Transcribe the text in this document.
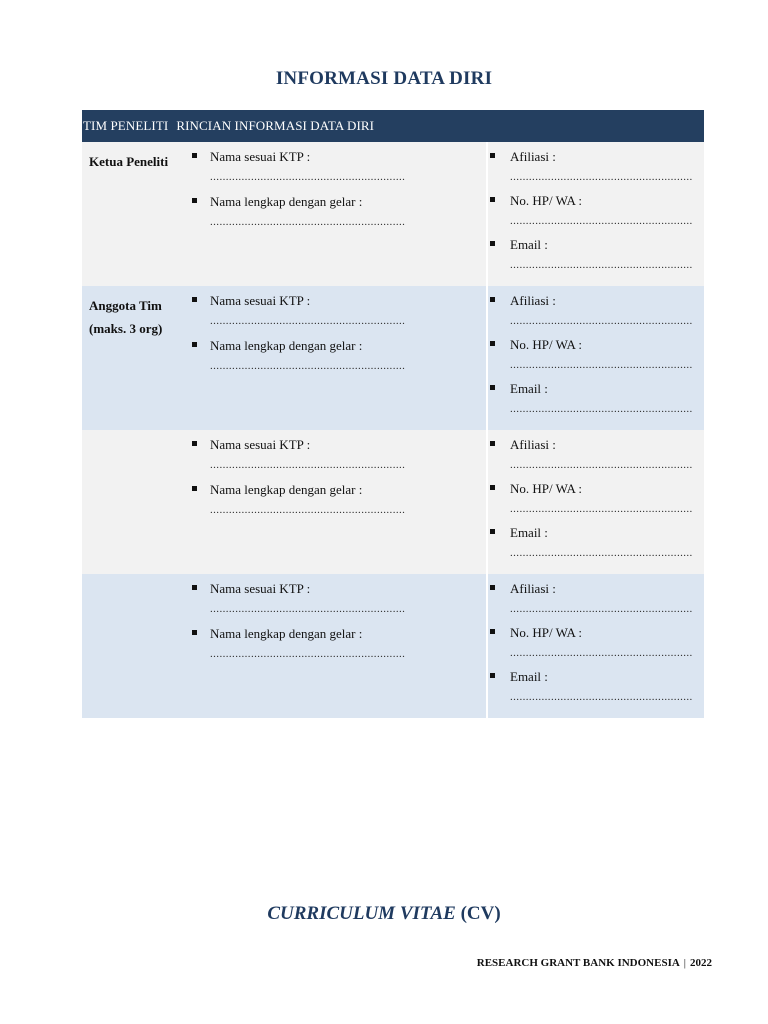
INFORMASI DATA DIRI
TIM PENELITI RINCIAN INFORMASI DATA DIRI
Ketua Peneliti	Nama sesuai KTP :
..............................................................
Nama lengkap dengan gelar :
..............................................................
Afiliasi :
..........................................................
No. HP/ WA :
..........................................................
Email :
..........................................................
Anggota Tim
(maks. 3 org)
Nama sesuai KTP :
..............................................................
Nama lengkap dengan gelar :
..............................................................
Afiliasi :
..........................................................
No. HP/ WA :
..........................................................
Email :
..........................................................
Nama sesuai KTP :
..............................................................
Nama lengkap dengan gelar :
..............................................................
Afiliasi :
..........................................................
No. HP/ WA :
..........................................................
Email :
..........................................................
Nama sesuai KTP :
..............................................................
Nama lengkap dengan gelar :
..............................................................
Afiliasi :
..........................................................
No. HP/ WA :
..........................................................
Email :
..........................................................
CURRICULUM VITAE (CV)
RESEARCH GRANT BANK INDONESIA | 2022
